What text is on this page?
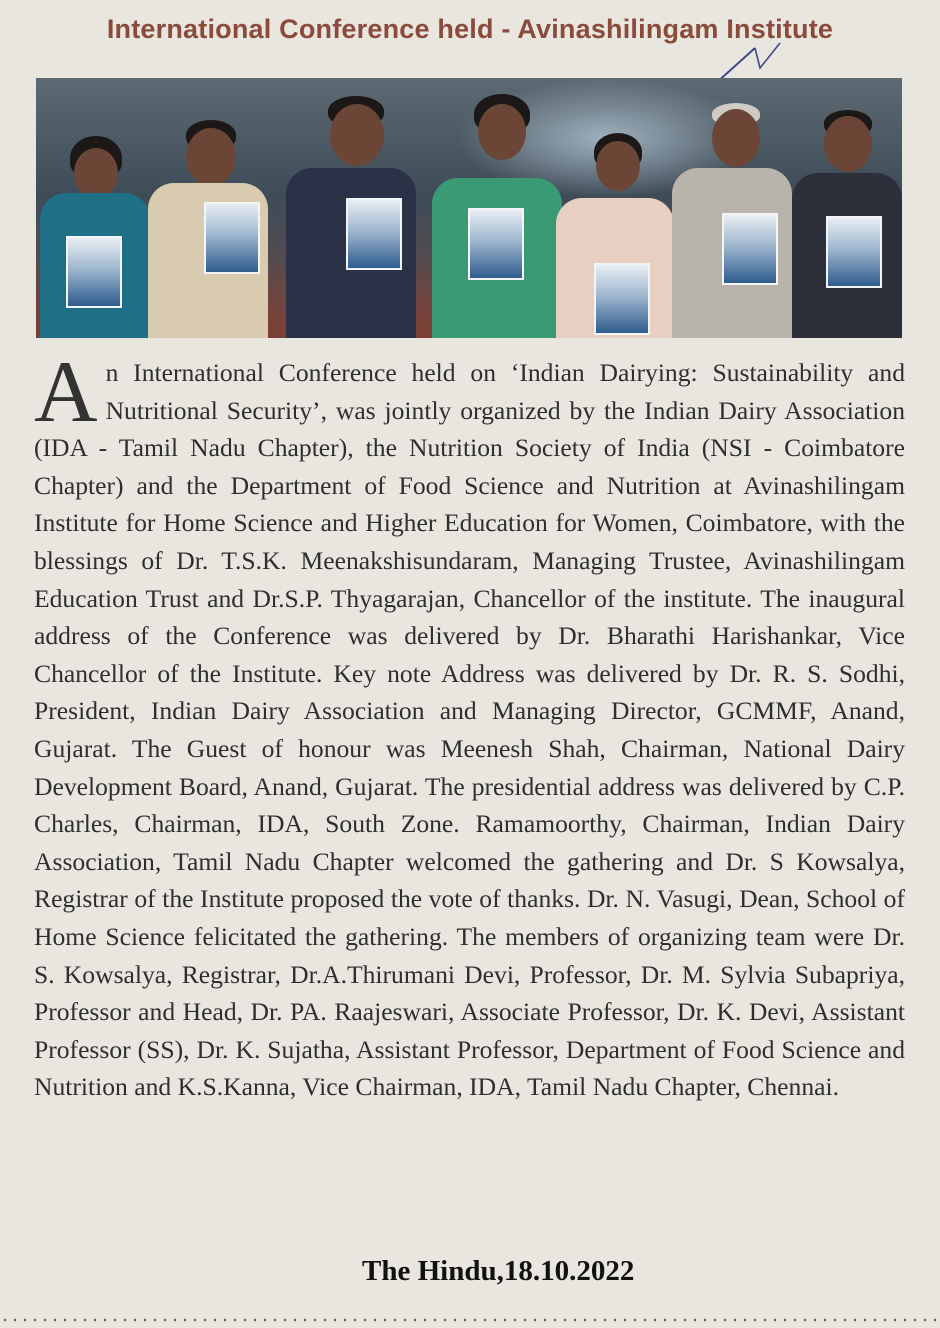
International Conference held - Avinashilingam Institute
An International Conference held on ‘Indian Dairying: Sustainability and Nutritional Security’, was jointly organized by the Indian Dairy Association (IDA - Tamil Nadu Chapter), the Nutrition Society of India (NSI - Coimbatore Chapter) and the Department of Food Science and Nutrition at Avinashilingam Institute for Home Science and Higher Education for Women, Coimbatore, with the blessings of Dr. T.S.K. Meenakshisundaram, Managing Trustee, Avinashilingam Education Trust and Dr.S.P. Thyagarajan, Chancellor of the institute. The inaugural address of the Conference was delivered by Dr. Bharathi Harishankar, Vice Chancellor of the Institute. Key note Address was delivered by Dr. R. S. Sodhi, President, Indian Dairy Association and Managing Director, GCMMF, Anand, Gujarat. The Guest of honour was Meenesh Shah, Chairman, National Dairy Development Board, Anand, Gujarat. The presidential address was delivered by C.P. Charles, Chairman, IDA, South Zone. Ramamoorthy, Chairman, Indian Dairy Association, Tamil Nadu Chapter welcomed the gathering and Dr. S Kowsalya, Registrar of the Institute proposed the vote of thanks. Dr. N. Vasugi, Dean, School of Home Science felicitated the gathering. The members of organizing team were Dr. S. Kowsalya, Registrar, Dr.A.Thirumani Devi, Professor, Dr. M. Sylvia Subapriya, Professor and Head, Dr. PA. Raajeswari, Associate Professor, Dr. K. Devi, Assistant Professor (SS), Dr. K. Sujatha, Assistant Professor, Department of Food Science and Nutrition and K.S.Kanna, Vice Chairman, IDA, Tamil Nadu Chapter, Chennai.
The Hindu,18.10.2022
